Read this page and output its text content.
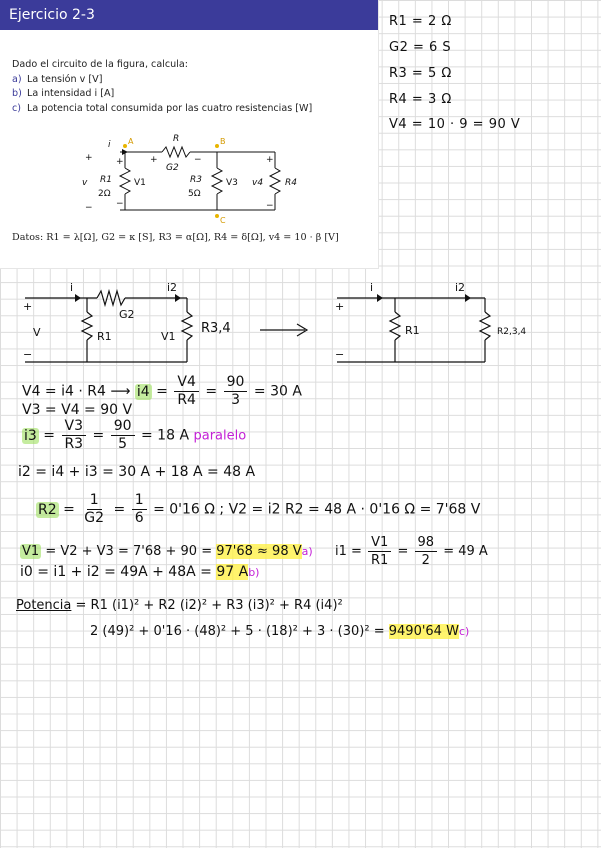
Ejercicio 2-3
Dado el circuito de la figura, calcula:
a) La tensión v [V]
b) La intensidad i [A]
c) La potencia total consumida por las cuatro resistencias [W]
i
R
G2
v R1	R3	v4 R4
+
−
+
−
+	−	+
−
A	B
C
2Ω	5Ω
V1	V3
Datos: R1 = λ[Ω], G2 = κ [S], R3 = α[Ω], R4 = δ[Ω], v4 = 10 · β [V]
R1 = 2 Ω
G2 = 6 S
R3 = 5 Ω
R4 = 3 Ω
V4 = 10 · 9 = 90 V
i	i2
G2
V	R1	V1
R3,4
+
−
i	i2
R1	R2,3,4
+
−
V4 = i4 · R4 ⟶ $i4 = \frac{V4}{R4} = \frac{90}{3} = 30$ A
V3 = V4 = 90 V
$i3 = \frac{V3}{R3} = \frac{90}{5} = 18$ A paralelo
i2 = i4 + i3 = 30 A + 18 A = 48 A
$R2 = \frac{1}{G2} = \frac{1}{6} = 0'16$ Ω ; V2 = i2 R2 = 48 A · 0'16 Ω = 7'68 V
V1 = V2 + V3 = 7'68 + 90 = 97'68 ≈ 98 Va) $i1 = \frac{V1}{R1} = \frac{98}{2} = 49$ A
i0 = i1 + i2 = 49A + 48A = 97 Ab)
Potencia = R1 (i1)² + R2 (i2)² + R3 (i3)² + R4 (i4)²
2 (49)² + 0'16 · (48)² + 5 · (18)² + 3 · (30)² = 9490'64 Wc)
